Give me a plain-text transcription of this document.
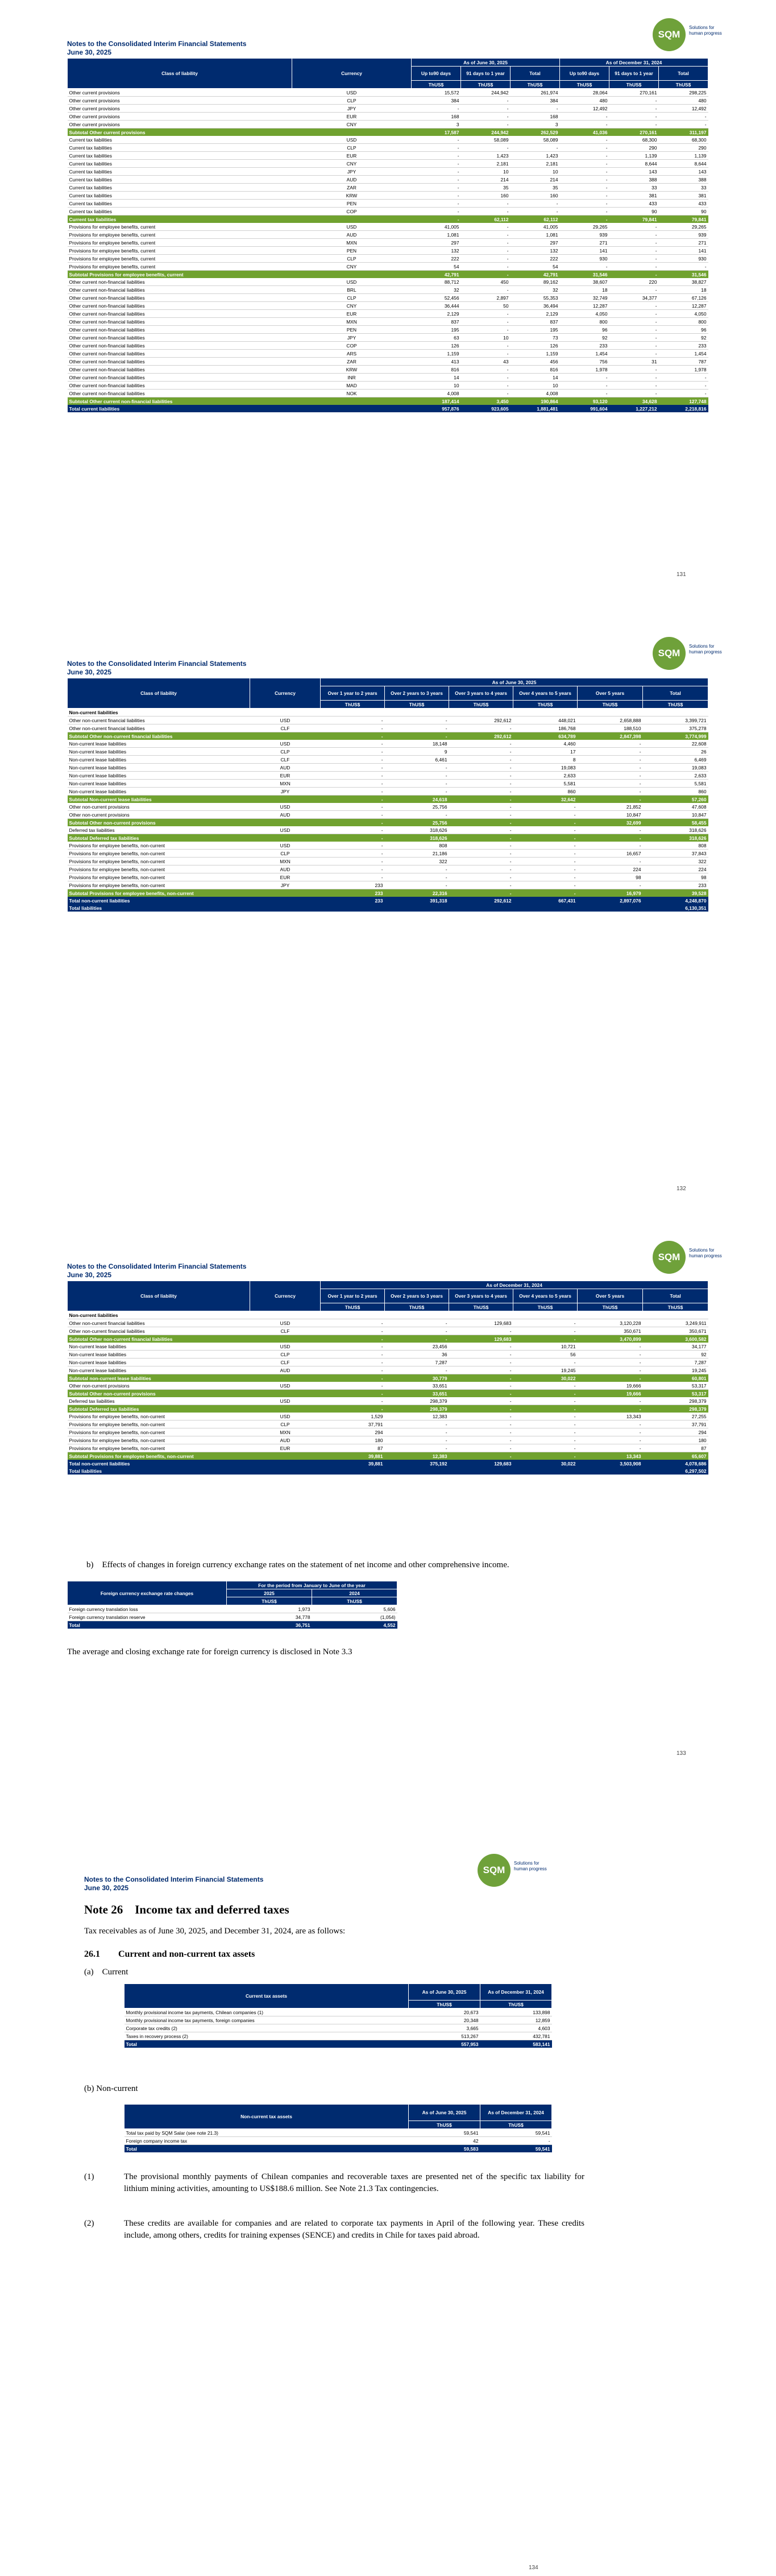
Notes to the Consolidated Interim Financial Statements
June 30, 2025
SQM
Solutions for human progress
Class of liability	Currency	As of June 30, 2025			As of December 31, 2024		
		Up to90 days	91 days to 1 year	Total	Up to90 days	91 days to 1 year	Total
		ThUS$	ThUS$	ThUS$	ThUS$	ThUS$	ThUS$
Other current provisions	USD	15,572	244,942	261,974	28,064	270,161	298,225
Other current provisions	CLP	384	-	384	480	-	480
Other current provisions	JPY	-	-	-	12,492	-	12,492
Other current provisions	EUR	168	-	168	-	-	-
Other current provisions	CNY	3	-	3	-	-	-
Subtotal Other current provisions		17,587	244,942	262,529	41,036	270,161	311,197
Current tax liabilities	USD	-	58,089	58,089	-	68,300	68,300
Current tax liabilities	CLP	-	-	-	-	290	290
Current tax liabilities	EUR	-	1,423	1,423	-	1,139	1,139
Current tax liabilities	CNY	-	2,181	2,181	-	8,644	8,644
Current tax liabilities	JPY	-	10	10	-	143	143
Current tax liabilities	AUD	-	214	214	-	388	388
Current tax liabilities	ZAR	-	35	35	-	33	33
Current tax liabilities	KRW	-	160	160	-	381	381
Current tax liabilities	PEN	-	-	-	-	433	433
Current tax liabilities	COP	-	-	-	-	90	90
Current tax liabilities		-	62,112	62,112	-	79,841	79,841
Provisions for employee benefits, current	USD	41,005	-	41,005	29,265	-	29,265
Provisions for employee benefits, current	AUD	1,081	-	1,081	939	-	939
Provisions for employee benefits, current	MXN	297	-	297	271	-	271
Provisions for employee benefits, current	PEN	132	-	132	141	-	141
Provisions for employee benefits, current	CLP	222	-	222	930	-	930
Provisions for employee benefits, current	CNY	54	-	54	-	-	-
Subtotal Provisions for employee benefits, current		42,791	-	42,791	31,546	-	31,546
Other current non-financial liabilities	USD	88,712	450	89,162	38,607	220	38,827
Other current non-financial liabilities	BRL	32	-	32	18	-	18
Other current non-financial liabilities	CLP	52,456	2,897	55,353	32,749	34,377	67,126
Other current non-financial liabilities	CNY	36,444	50	36,494	12,287	-	12,287
Other current non-financial liabilities	EUR	2,129	-	2,129	4,050	-	4,050
Other current non-financial liabilities	MXN	837	-	837	800	-	800
Other current non-financial liabilities	PEN	195	-	195	96	-	96
Other current non-financial liabilities	JPY	63	10	73	92	-	92
Other current non-financial liabilities	COP	126	-	126	233	-	233
Other current non-financial liabilities	ARS	1,159	-	1,159	1,454	-	1,454
Other current non-financial liabilities	ZAR	413	43	456	756	31	787
Other current non-financial liabilities	KRW	816	-	816	1,978	-	1,978
Other current non-financial liabilities	INR	14	-	14	-	-	-
Other current non-financial liabilities	MAD	10	-	10	-	-	-
Other current non-financial liabilities	NOK	4,008	-	4,008	-	-	-
Subtotal Other current non-financial liabilities		187,414	3,450	190,864	93,120	34,628	127,748
Total current liabilities		957,876	923,605	1,881,481	991,604	1,227,212	2,218,816
131
Notes to the Consolidated Interim Financial Statements
June 30, 2025
SQM
Solutions for human progress
Class of liability	Currency	As of June 30, 2025					
		Over 1 year to 2 years	Over 2 years to 3 years	Over 3 years to 4 years	Over 4 years to 5 years	Over 5 years	Total
		ThUS$	ThUS$	ThUS$	ThUS$	ThUS$	ThUS$
Non-current liabilities							
Other non-current financial liabilities	USD	-	-	292,612	448,021	2,658,888	3,399,721
Other non-current financial liabilities	CLF	-	-	-	186,768	188,510	375,278
Subtotal Other non-current financial liabilities		-	-	292,612	634,789	2,847,398	3,774,999
Non-current lease liabilities	USD	-	18,148	-	4,460	-	22,608
Non-current lease liabilities	CLP	-	9	-	17	-	26
Non-current lease liabilities	CLF	-	6,461	-	8	-	6,469
Non-current lease liabilities	AUD	-	-	-	19,083	-	19,083
Non-current lease liabilities	EUR	-	-	-	2,633	-	2,633
Non-current lease liabilities	MXN	-	-	-	5,581	-	5,581
Non-current lease liabilities	JPY	-	-	-	860	-	860
Subtotal Non-current lease liabilities		-	24,618	-	32,642	-	57,260
Other non-current provisions	USD	-	25,756	-	-	21,852	47,608
Other non-current provisions	AUD	-	-	-	-	10,847	10,847
Subtotal Other non-current provisions		-	25,756	-	-	32,699	58,455
Deferred tax liabilities	USD	-	318,626	-	-	-	318,626
Subtotal Deferred tax liabilities		-	318,626	-	-	-	318,626
Provisions for employee benefits, non-current	USD	-	808	-	-	-	808
Provisions for employee benefits, non-current	CLP	-	21,186	-	-	16,657	37,843
Provisions for employee benefits, non-current	MXN	-	322	-	-	-	322
Provisions for employee benefits, non-current	AUD	-	-	-	-	224	224
Provisions for employee benefits, non-current	EUR	-	-	-	-	98	98
Provisions for employee benefits, non-current	JPY	233	-	-	-	-	233
Subtotal Provisions for employee benefits, non-current		233	22,316	-	-	16,979	39,528
Total non-current liabilities		233	391,318	292,612	667,431	2,897,076	4,248,870
Total liabilities							6,130,351
132
Notes to the Consolidated Interim Financial Statements
June 30, 2025
SQM
Solutions for human progress
Class of liability	Currency	As of December 31, 2024					
		Over 1 year to 2 years	Over 2 years to 3 years	Over 3 years to 4 years	Over 4 years to 5 years	Over 5 years	Total
		ThUS$	ThUS$	ThUS$	ThUS$	ThUS$	ThUS$
Non-current liabilities							
Other non-current financial liabilities	USD	-	-	129,683	-	3,120,228	3,249,911
Other non-current financial liabilities	CLF	-	-	-	-	350,671	350,671
Subtotal Other non-current financial liabilities		-	-	129,683	-	3,470,899	3,600,582
Non-current lease liabilities	USD	-	23,456	-	10,721	-	34,177
Non-current lease liabilities	CLP	-	36	-	56	-	92
Non-current lease liabilities	CLF	-	7,287	-	-	-	7,287
Non-current lease liabilities	AUD	-	-	-	19,245	-	19,245
Subtotal non-current lease liabilities		-	30,779	-	30,022	-	60,801
Other non-current provisions	USD	-	33,651	-	-	19,666	53,317
Subtotal Other non-current provisions		-	33,651	-	-	19,666	53,317
Deferred tax liabilities	USD	-	298,379	-	-	-	298,379
Subtotal Deferred tax liabilities		-	298,379	-	-	-	298,379
Provisions for employee benefits, non-current	USD	1,529	12,383	-	-	13,343	27,255
Provisions for employee benefits, non-current	CLP	37,791	-	-	-	-	37,791
Provisions for employee benefits, non-current	MXN	294	-	-	-	-	294
Provisions for employee benefits, non-current	AUD	180	-	-	-	-	180
Provisions for employee benefits, non-current	EUR	87	-	-	-	-	87
Subtotal Provisions for employee benefits, non-current		39,881	12,383	-	-	13,343	65,607
Total non-current liabilities		39,881	375,192	129,683	30,022	3,503,908	4,078,686
Total liabilities							6,297,502
b) Effects of changes in foreign currency exchange rates on the statement of net income and other comprehensive income.
Foreign currency exchange rate changes	For the period from January to June of the year	
	2025	2024
	ThUS$	ThUS$
Foreign currency translation loss	1,973	5,606
Foreign currency translation reserve	34,778	(1,054)
Total	36,751	4,552
The average and closing exchange rate for foreign currency is disclosed in Note 3.3
133
Notes to the Consolidated Interim Financial Statements
June 30, 2025
SQM
Solutions for human progress
Note 26 Income tax and deferred taxes
Tax receivables as of June 30, 2025, and December 31, 2024, are as follows:
26.1  Current and non-current tax assets
(a) Current
Current tax assets	As of June 30, 2025	As of December 31, 2024
	ThUS$	ThUS$
Monthly provisional income tax payments, Chilean companies (1)	20,673	133,898
Monthly provisional income tax payments, foreign companies	20,348	12,859
Corporate tax credits (2)	3,665	4,603
Taxes in recovery process (2)	513,267	432,781
Total	557,953	583,141
(b) Non-current
Non-current tax assets	As of June 30, 2025	As of December 31, 2024
	ThUS$	ThUS$
Total tax paid by SQM Salar (see note 21.3)	59,541	59,541
Foreign company income tax	42	-
Total	59,583	59,541
(1)	The provisional monthly payments of Chilean companies and recoverable taxes are presented net of the specific tax liability for lithium mining activities, amounting to US$188.6 million. See Note 21.3 Tax contingencies.
(2)	These credits are available for companies and are related to corporate tax payments in April of the following year. These credits include, among others, credits for training expenses (SENCE) and credits in Chile for taxes paid abroad.
134
